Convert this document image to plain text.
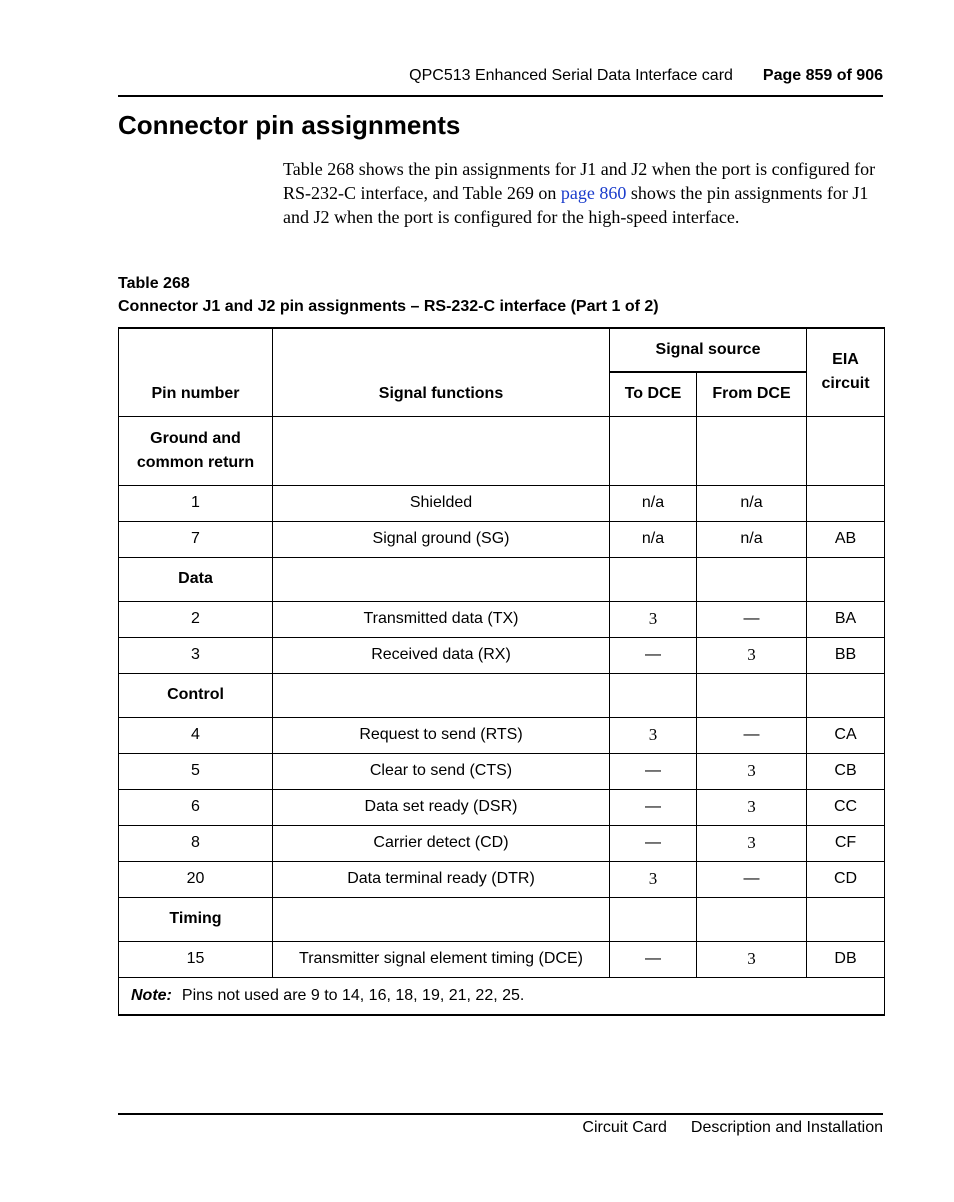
QPC513 Enhanced Serial Data Interface card Page 859 of 906
Connector pin assignments

Table 268 shows the pin assignments for J1 and J2 when the port is configured for RS-232-C interface, and Table 269 on page 860 shows the pin assignments for J1 and J2 when the port is configured for the high-speed interface.

Table 268
Connector J1 and J2 pin assignments – RS-232-C interface (Part 1 of 2)
Pin number	Signal functions	Signal source		EIA circuit
		To DCE	From DCE	
Ground and common return				
1	Shielded	n/a	n/a	
7	Signal ground (SG)	n/a	n/a	AB
Data				
2	Transmitted data (TX)	3	—	BA
3	Received data (RX)	—	3	BB
Control				
4	Request to send (RTS)	3	—	CA
5	Clear to send (CTS)	—	3	CB
6	Data set ready (DSR)	—	3	CC
8	Carrier detect (CD)	—	3	CF
20	Data terminal ready (DTR)	3	—	CD
Timing				
15	Transmitter signal element timing (DCE)	—	3	DB
Note: Pins not used are 9 to 14, 16, 18, 19, 21, 22, 25.				
Circuit Card Description and Installation
